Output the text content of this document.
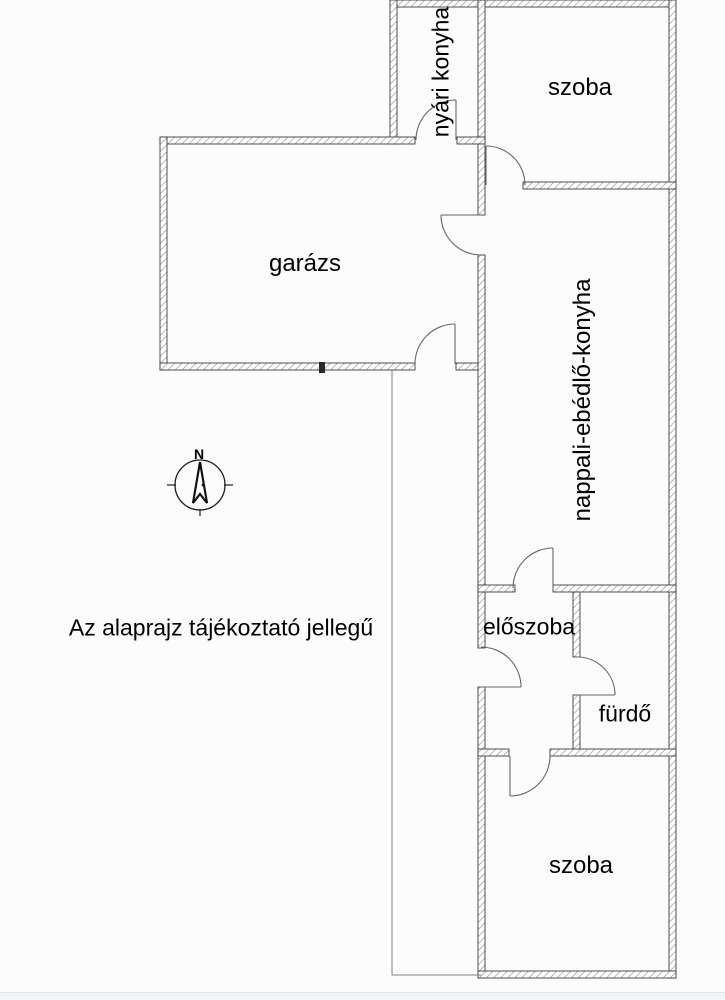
N
nyári konyha	szoba
garázs
nappali-ebédlő-konyha
előszoba
fürdő
szoba
Az alaprajz tájékoztató jellegű
